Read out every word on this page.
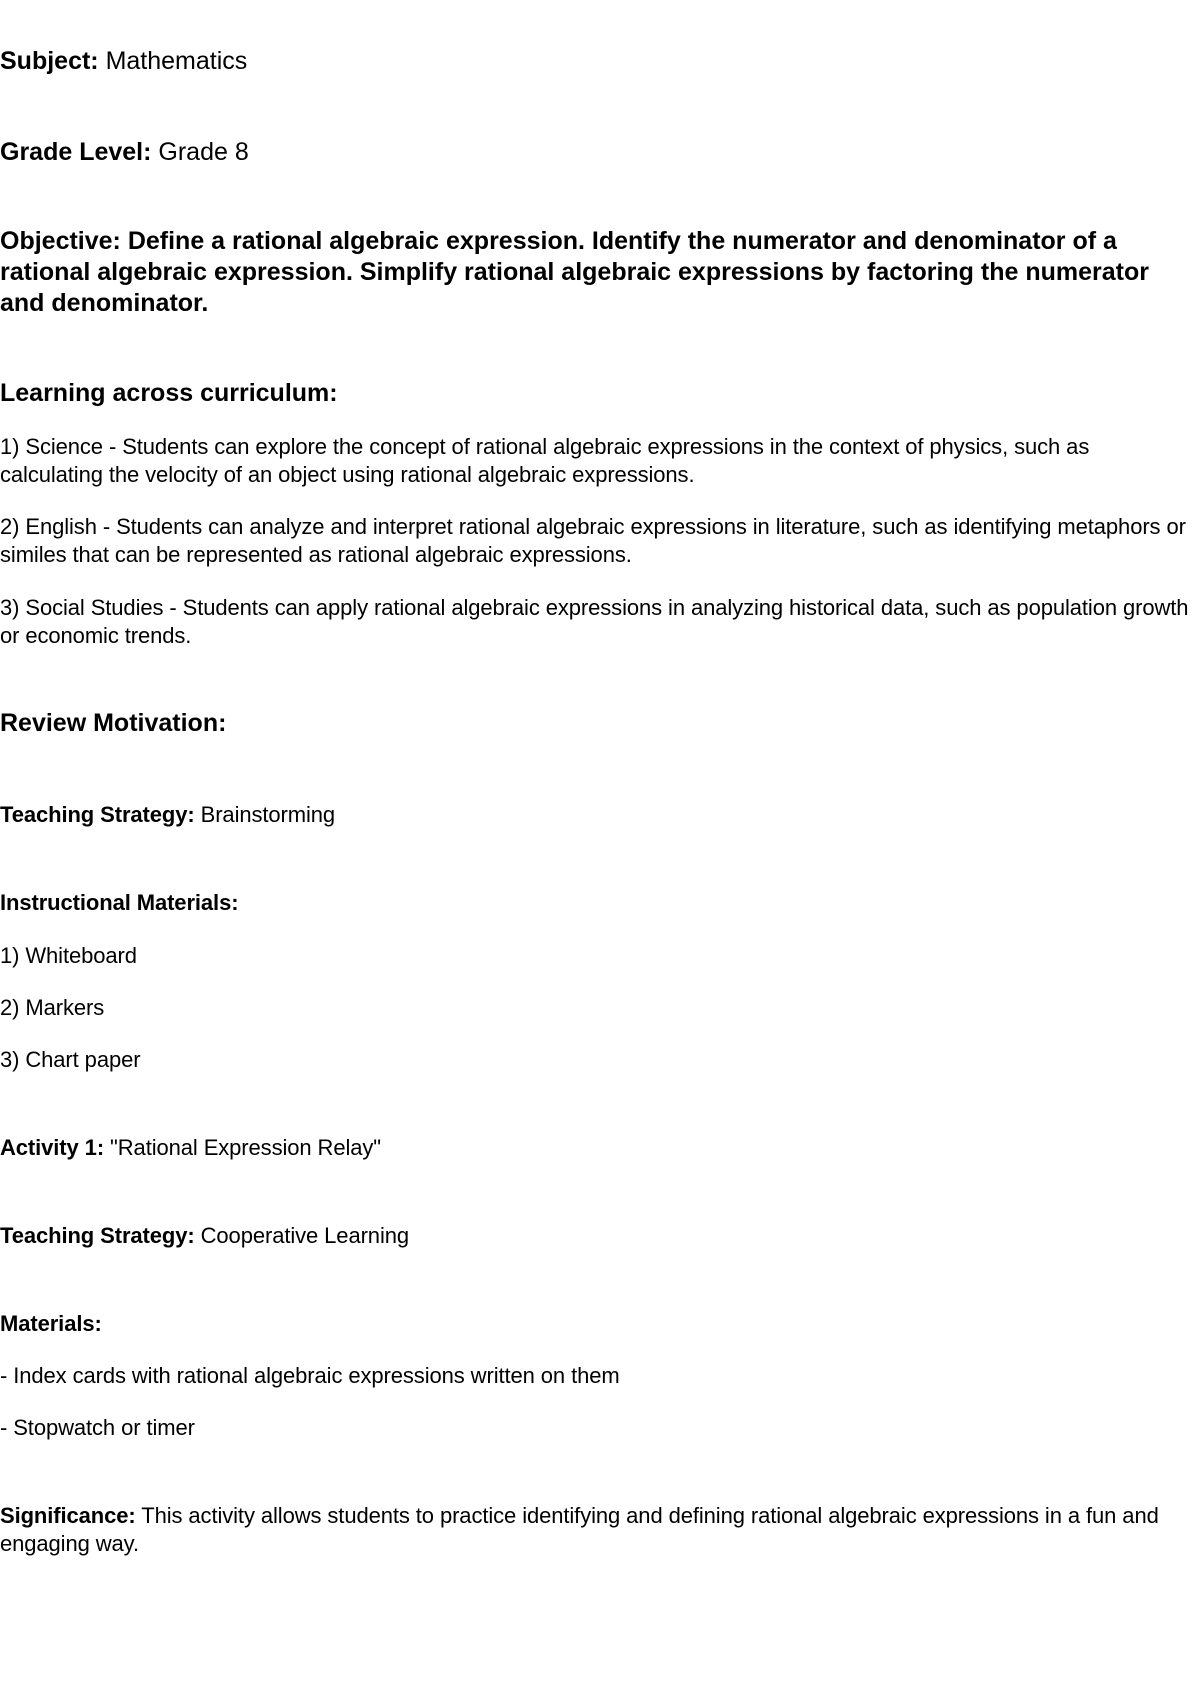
Subject: Mathematics

Grade Level: Grade 8

Objective: Define a rational algebraic expression. Identify the numerator and denominator of a rational algebraic expression. Simplify rational algebraic expressions by factoring the numerator and denominator.

Learning across curriculum:

1) Science - Students can explore the concept of rational algebraic expressions in the context of physics, such as calculating the velocity of an object using rational algebraic expressions.

2) English - Students can analyze and interpret rational algebraic expressions in literature, such as identifying metaphors or similes that can be represented as rational algebraic expressions.

3) Social Studies - Students can apply rational algebraic expressions in analyzing historical data, such as population growth or economic trends.

Review Motivation:

Teaching Strategy: Brainstorming

Instructional Materials:

1) Whiteboard

2) Markers

3) Chart paper

Activity 1: "Rational Expression Relay"

Teaching Strategy: Cooperative Learning

Materials:

- Index cards with rational algebraic expressions written on them

- Stopwatch or timer

Significance: This activity allows students to practice identifying and defining rational algebraic expressions in a fun and engaging way.
